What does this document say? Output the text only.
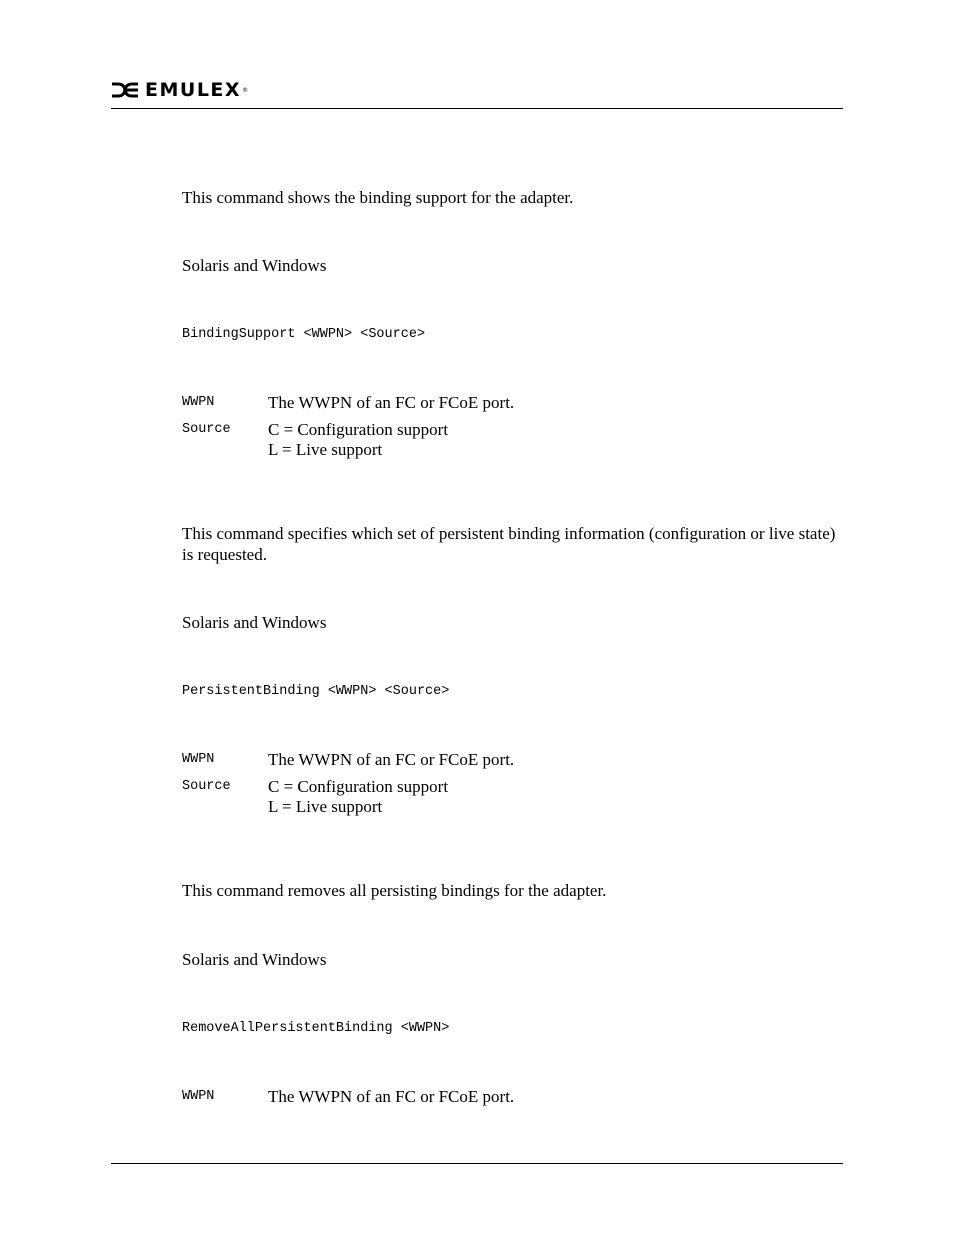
EMULEX ®
This command shows the binding support for the adapter.
Solaris and Windows
BindingSupport <WWPN> <Source>
WWPN	The WWPN of an FC or FCoE port.
Source C = Configuration support
L = Live support
This command specifies which set of persistent binding information (configuration or live state) is requested.
Solaris and Windows
PersistentBinding <WWPN> <Source>
WWPN	The WWPN of an FC or FCoE port.
Source C = Configuration support
L = Live support
This command removes all persisting bindings for the adapter.
Solaris and Windows
RemoveAllPersistentBinding <WWPN>
WWPN	The WWPN of an FC or FCoE port.
